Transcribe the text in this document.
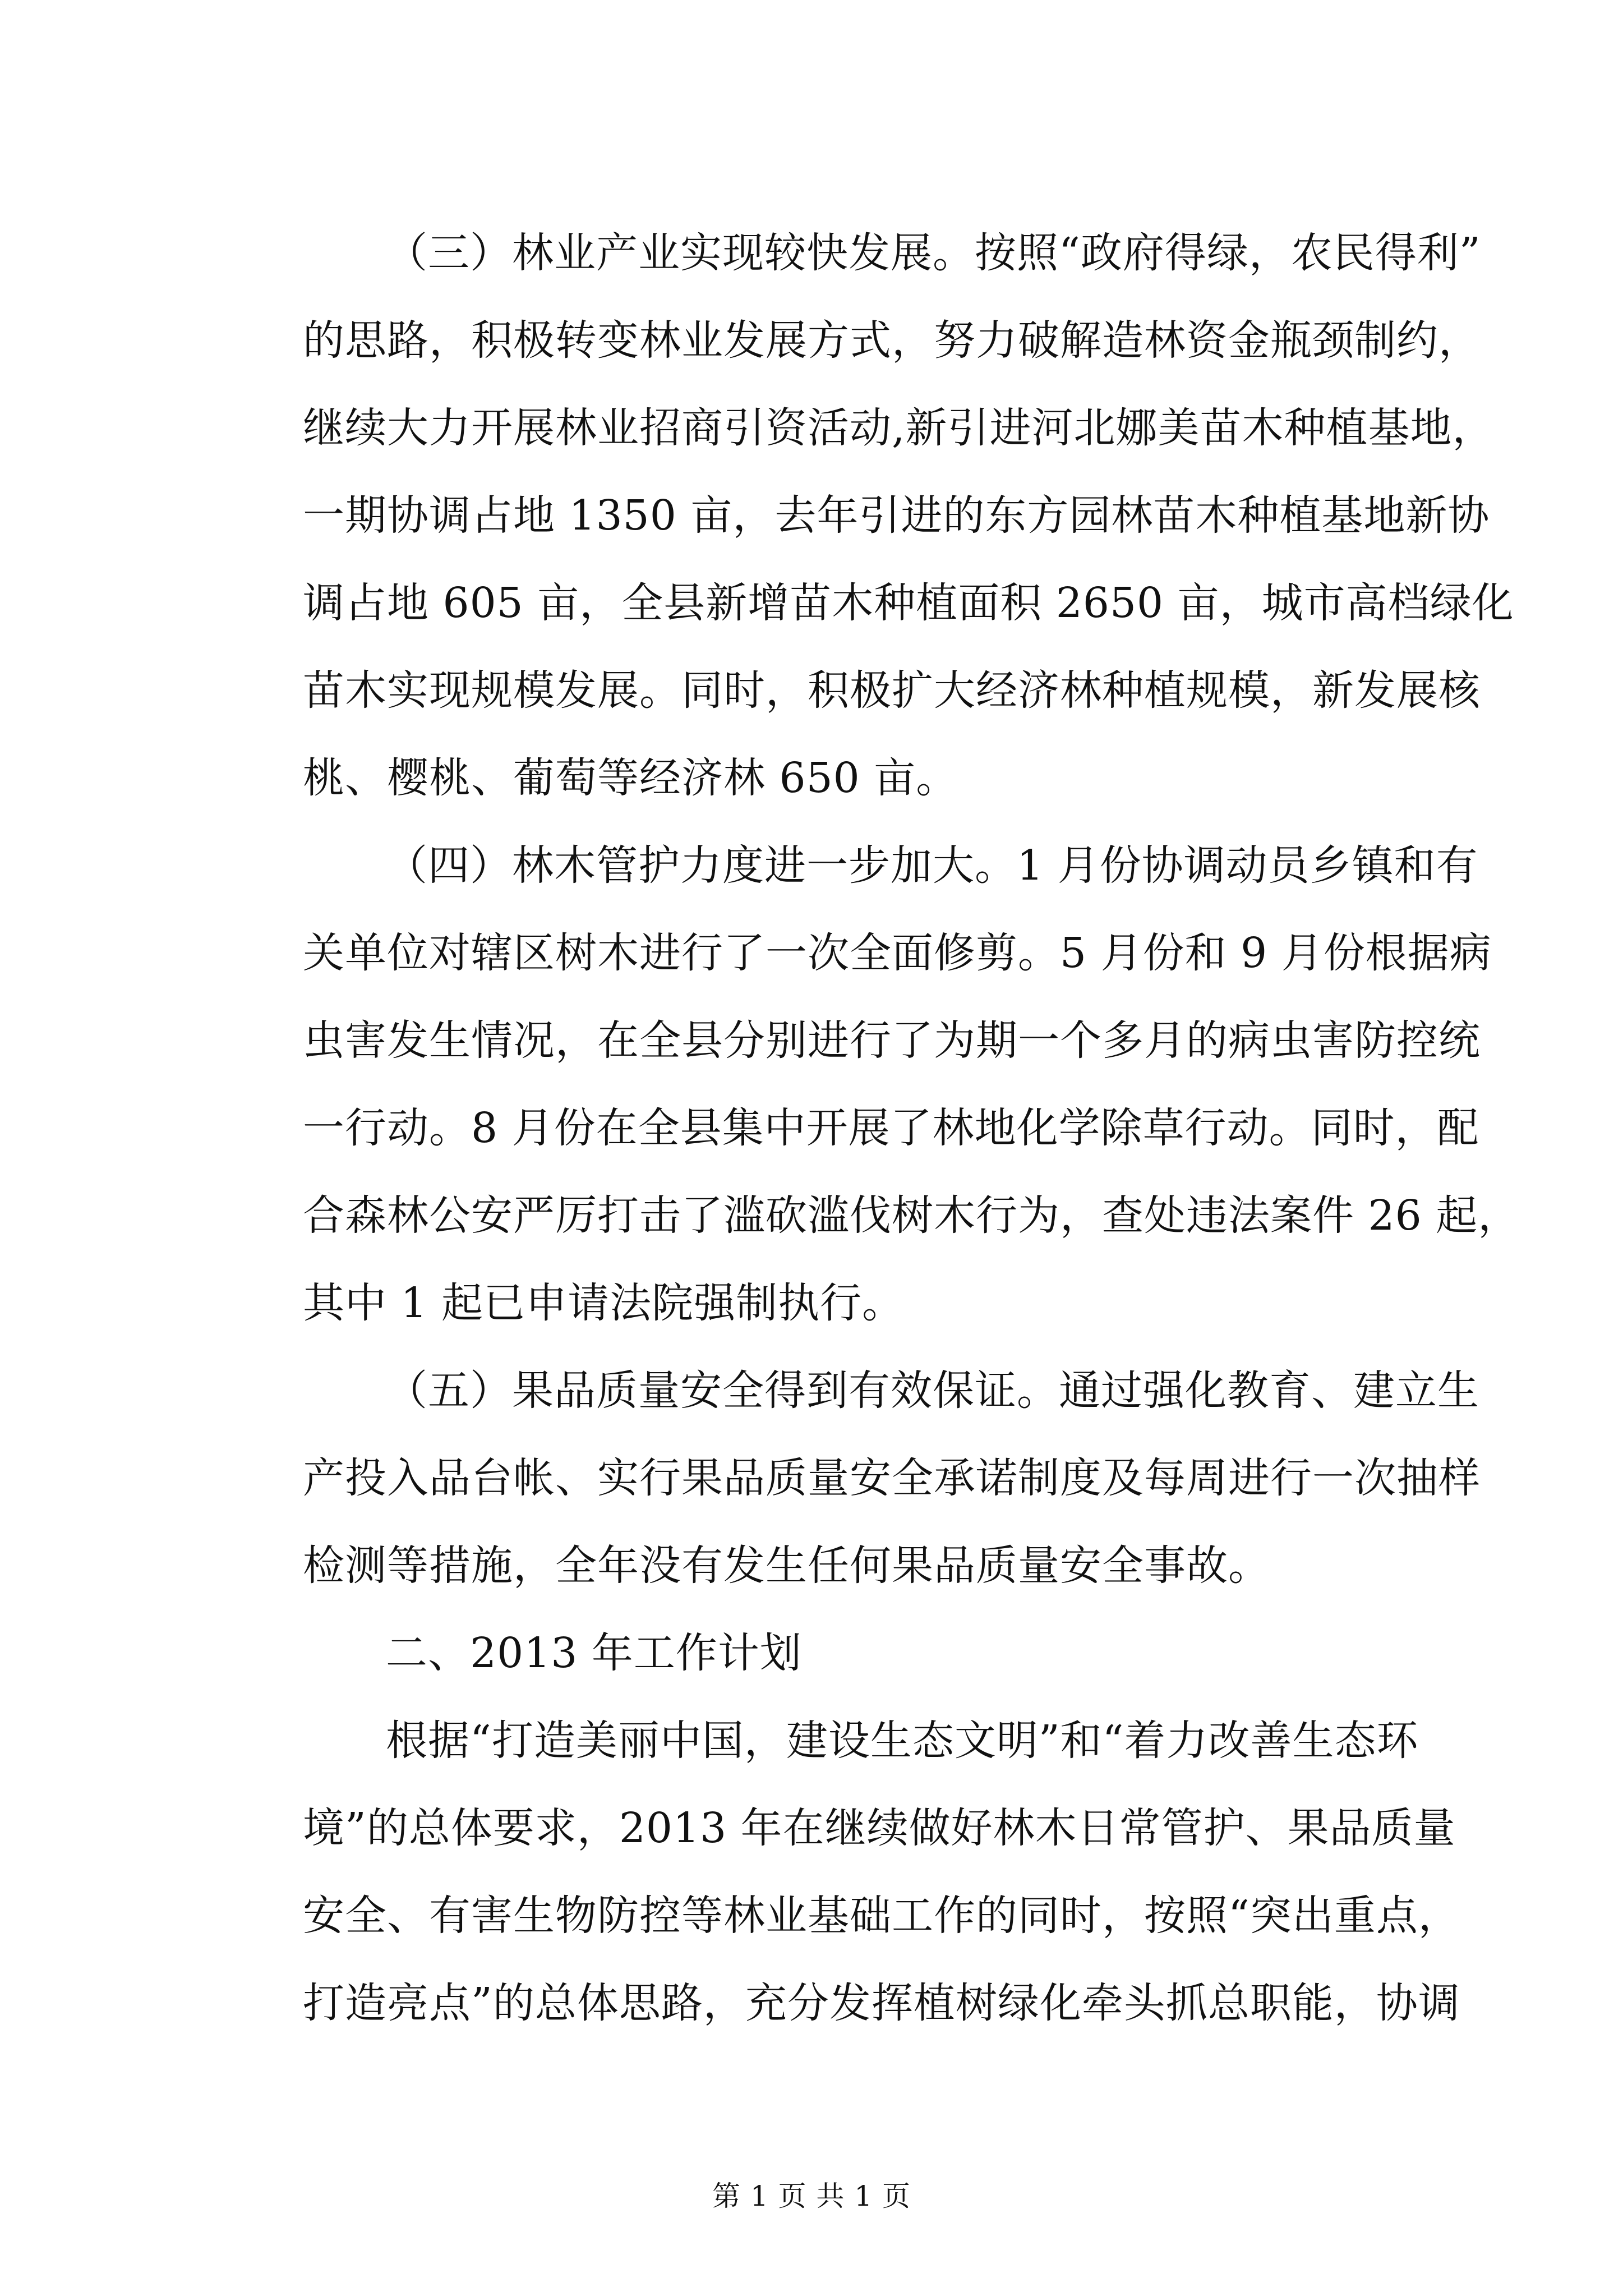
（三）林业产业实现较快发展。按照“政府得绿，农民得利”
的思路，积极转变林业发展方式，努力破解造林资金瓶颈制约，
继续大力开展林业招商引资活动,新引进河北娜美苗木种植基地，
一期协调占地 1350 亩，去年引进的东方园林苗木种植基地新协
调占地 605 亩，全县新增苗木种植面积 2650 亩，城市高档绿化
苗木实现规模发展。同时，积极扩大经济林种植规模，新发展核
桃、樱桃、葡萄等经济林 650 亩。
（四）林木管护力度进一步加大。1 月份协调动员乡镇和有
关单位对辖区树木进行了一次全面修剪。5 月份和 9 月份根据病
虫害发生情况，在全县分别进行了为期一个多月的病虫害防控统
一行动。8 月份在全县集中开展了林地化学除草行动。同时，配
合森林公安严厉打击了滥砍滥伐树木行为，查处违法案件 26 起，
其中 1 起已申请法院强制执行。
（五）果品质量安全得到有效保证。通过强化教育、建立生
产投入品台帐、实行果品质量安全承诺制度及每周进行一次抽样
检测等措施，全年没有发生任何果品质量安全事故。
二、2013 年工作计划
根据“打造美丽中国，建设生态文明”和“着力改善生态环
境”的总体要求，2013 年在继续做好林木日常管护、果品质量
安全、有害生物防控等林业基础工作的同时，按照“突出重点，
打造亮点”的总体思路，充分发挥植树绿化牵头抓总职能，协调
第 1 页 共 1 页
